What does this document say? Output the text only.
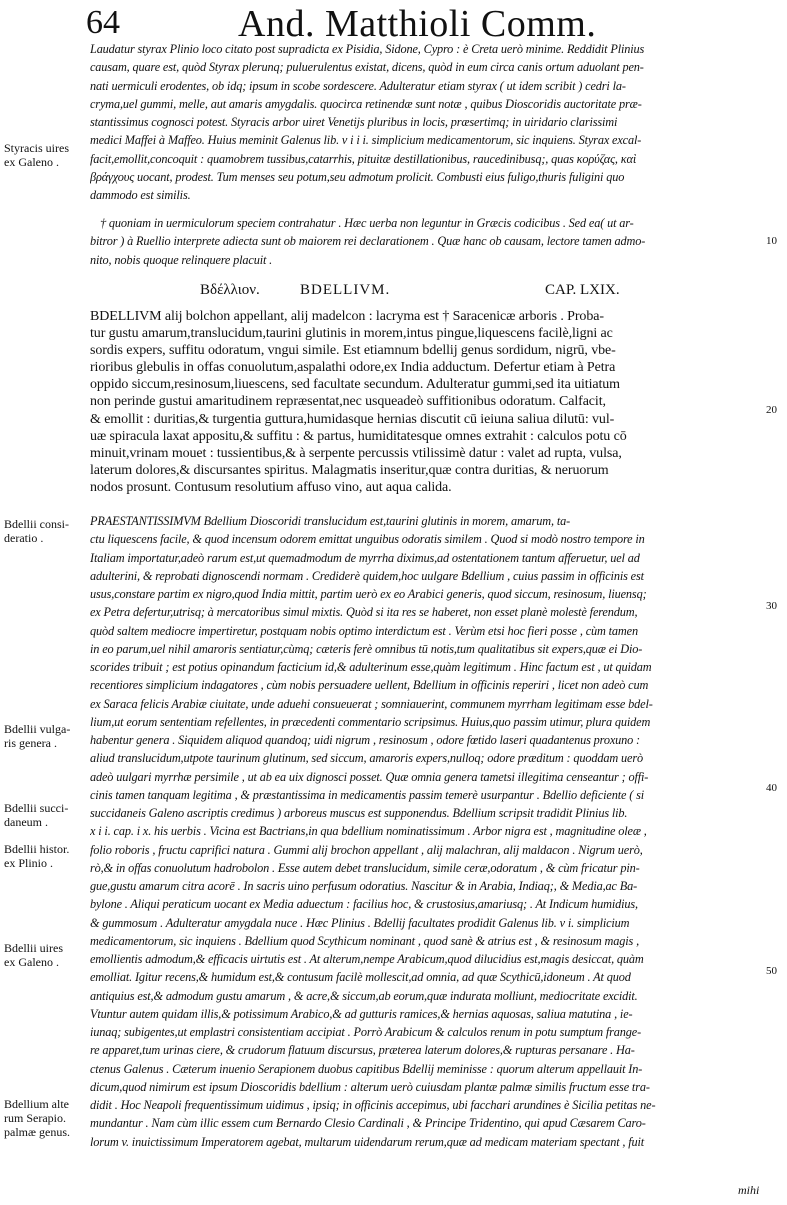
64	And. Matthioli Comm.
Laudatur styrax Plinio loco citato post supradicta ex Pisidia, Sidone, Cypro : è Creta uerò minime. Reddidit Plinius
causam, quare est, quòd Styrax plerunq; puluerulentus existat, dicens, quòd in eum circa canis ortum aduolant pen-
nati uermiculi erodentes, ob idq; ipsum in scobe sordescere. Adulteratur etiam styrax ( ut idem scribit ) cedri la-
cryma,uel gummi, melle, aut amaris amygdalis. quocirca retinendæ sunt notæ , quibus Dioscoridis auctoritate præ-
stantissimus cognosci potest. Styracis arbor uiret Venetijs pluribus in locis, præsertimq; in uiridario clarissimi
medici Maffei à Maffeo. Huius meminit Galenus lib. v i i i. simplicium medicamentorum, sic inquiens. Styrax excal-
facit,emollit,concoquit : quamobrem tussibus,catarrhis, pituitæ destillationibus, raucedinibusq;, quas κορύζας, καὶ
βράγχους uocant, prodest. Tum menses seu potum,seu admotum prolicit. Combusti eius fuligo,thuris fuligini quo
dammodo est similis.
† quoniam in uermiculorum speciem contrahatur . Hæc uerba non leguntur in Græcis codicibus . Sed ea( ut ar-
bitror ) à Ruellio interprete adiecta sunt ob maiorem rei declarationem . Quæ hanc ob causam, lectore tamen admo-
nito, nobis quoque relinquere placuit .
Βδέλλιον.	BDELLIVM.	CAP. LXIX.
BDELLIVM alij bolchon appellant, alij madelcon : lacryma est † Saracenicæ arboris . Proba-
tur gustu amarum,translucidum,taurini glutinis in morem,intus pingue,liquescens facilè,ligni ac
sordis expers, suffitu odoratum, vngui simile. Est etiamnum bdellij genus sordidum, nigrū, vbe-
rioribus glebulis in offas conuolutum,aspalathi odore,ex India adductum. Defertur etiam à Petra
oppido siccum,resinosum,liuescens, sed facultate secundum. Adulteratur gummi,sed ita uitiatum
non perinde gustui amaritudinem repræsentat,nec usqueadeò suffitionibus odoratum. Calfacit,
& emollit : duritias,& turgentia guttura,humidasque hernias discutit cū ieiuna saliua dilutū: vul-
uæ spiracula laxat appositu,& suffitu : & partus, humiditatesque omnes extrahit : calculos potu cō
minuit,vrinam mouet : tussientibus,& à serpente percussis vtilissimè datur : valet ad rupta, vulsa,
laterum dolores,& discursantes spiritus. Malagmatis inseritur,quæ contra duritias, & neruorum
nodos prosunt. Contusum resolutium affuso vino, aut aqua calida.
PRAESTANTISSIMVM Bdellium Dioscoridi translucidum est,taurini glutinis in morem, amarum, ta-
ctu liquescens facile, & quod incensum odorem emittat unguibus odoratis similem . Quod si modò nostro tempore in
Italiam importatur,adeò rarum est,ut quemadmodum de myrrha diximus,ad ostentationem tantum afferuetur, uel ad
adulterini, & reprobati dignoscendi normam . Crediderè quidem,hoc uulgare Bdellium , cuius passim in officinis est
usus,constare partim ex nigro,quod India mittit, partim uerò ex eo Arabici generis, quod siccum, resinosum, liuensq;
ex Petra defertur,utrisq; à mercatoribus simul mixtis. Quòd si ita res se haberet, non esset planè molestè ferendum,
quòd saltem mediocre impertiretur, postquam nobis optimo interdictum est . Verùm etsi hoc fieri posse , cùm tamen
in eo parum,uel nihil amaroris sentiatur,cùmq; cæteris ferè omnibus tū notis,tum qualitatibus sit expers,quæ ei Dio-
scorides tribuit ; est potius opinandum facticium id,& adulterinum esse,quàm legitimum . Hinc factum est , ut quidam
recentiores simplicium indagatores , cùm nobis persuadere uellent, Bdellium in officinis reperiri , licet non adeò cum
ex Saraca felicis Arabiæ ciuitate, unde aduehi consueuerat ; somniauerint, communem myrrham legitimam esse bdel-
lium,ut eorum sententiam refellentes, in præcedenti commentario scripsimus. Huius,quo passim utimur, plura quidem
habentur genera . Siquidem aliquod quandoq; uidi nigrum , resinosum , odore fœtido laseri quadantenus proxuno :
aliud translucidum,utpote taurinum glutinum, sed siccum, amaroris expers,nulloq; odore præditum : quoddam uerò
adeò uulgari myrrhæ persimile , ut ab ea uix dignosci posset. Quæ omnia genera tametsi illegitima censeantur ; offi-
cinis tamen tanquam legitima , & præstantissima in medicamentis passim temerè usurpantur . Bdellio deficiente ( si
succidaneis Galeno ascriptis credimus ) arboreus muscus est supponendus. Bdellium scripsit tradidit Plinius lib.
x i i. cap. i x. his uerbis . Vicina est Bactrians,in qua bdellium nominatissimum . Arbor nigra est , magnitudine oleæ ,
folio roboris , fructu caprifici natura . Gummi alij brochon appellant , alij malachran, alij maldacon . Nigrum uerò,
rò,& in offas conuolutum hadrobolon . Esse autem debet translucidum, simile ceræ,odoratum , & cùm fricatur pin-
gue,gustu amarum citra acorē . In sacris uino perfusum odoratius. Nascitur & in Arabia, Indiaq;, & Media,ac Ba-
bylone . Aliqui peraticum uocant ex Media aduectum : facilius hoc, & crustosius,amariusq; . At Indicum humidius,
& gummosum . Adulteratur amygdala nuce . Hæc Plinius . Bdellij facultates prodidit Galenus lib. v i. simplicium
medicamentorum, sic inquiens . Bdellium quod Scythicum nominant , quod sanè & atrius est , & resinosum magis ,
emollientis admodum,& efficacis uirtutis est . At alterum,nempe Arabicum,quod dilucidius est,magis desiccat, quàm
emolliat. Igitur recens,& humidum est,& contusum facilè mollescit,ad omnia, ad quæ Scythicū,idoneum . At quod
antiquius est,& admodum gustu amarum , & acre,& siccum,ab eorum,quæ indurata molliunt, mediocritate excidit.
Vtuntur autem quidam illis,& potissimum Arabico,& ad gutturis ramices,& hernias aquosas, saliua matutina , ie-
iunaq; subigentes,ut emplastri consistentiam accipiat . Porrò Arabicum & calculos renum in potu sumptum frange-
re apparet,tum urinas ciere, & crudorum flatuum discursus, præterea laterum dolores,& rupturas persanare . Ha-
ctenus Galenus . Cæterum inuenio Serapionem duobus capitibus Bdellij meminisse : quorum alterum appellauit In-
dicum,quod nimirum est ipsum Dioscoridis bdellium : alterum uerò cuiusdam plantæ palmæ similis fructum esse tra-
didit . Hoc Neapoli frequentissimum uidimus , ipsiq; in officinis accepimus, ubi facchari arundines è Sicilia petitas ne-
mundantur . Nam cùm illic essem cum Bernardo Clesio Cardinali , & Principe Tridentino, qui apud Cæsarem Caro-
lorum v. inuictissimum Imperatorem agebat, multarum uidendarum rerum,quæ ad medicam materiam spectant , fuit
Styracis uires
ex Galeno .
Bdellii consi-
deratio .
Bdellii vulga-
ris genera .
Bdellii succi-
daneum .
Bdellii histor.
ex Plinio .
Bdellii uires
ex Galeno .
Bdellium alte
rum Serapio.
palmæ genus.
10
20
30
40
50
mihi
